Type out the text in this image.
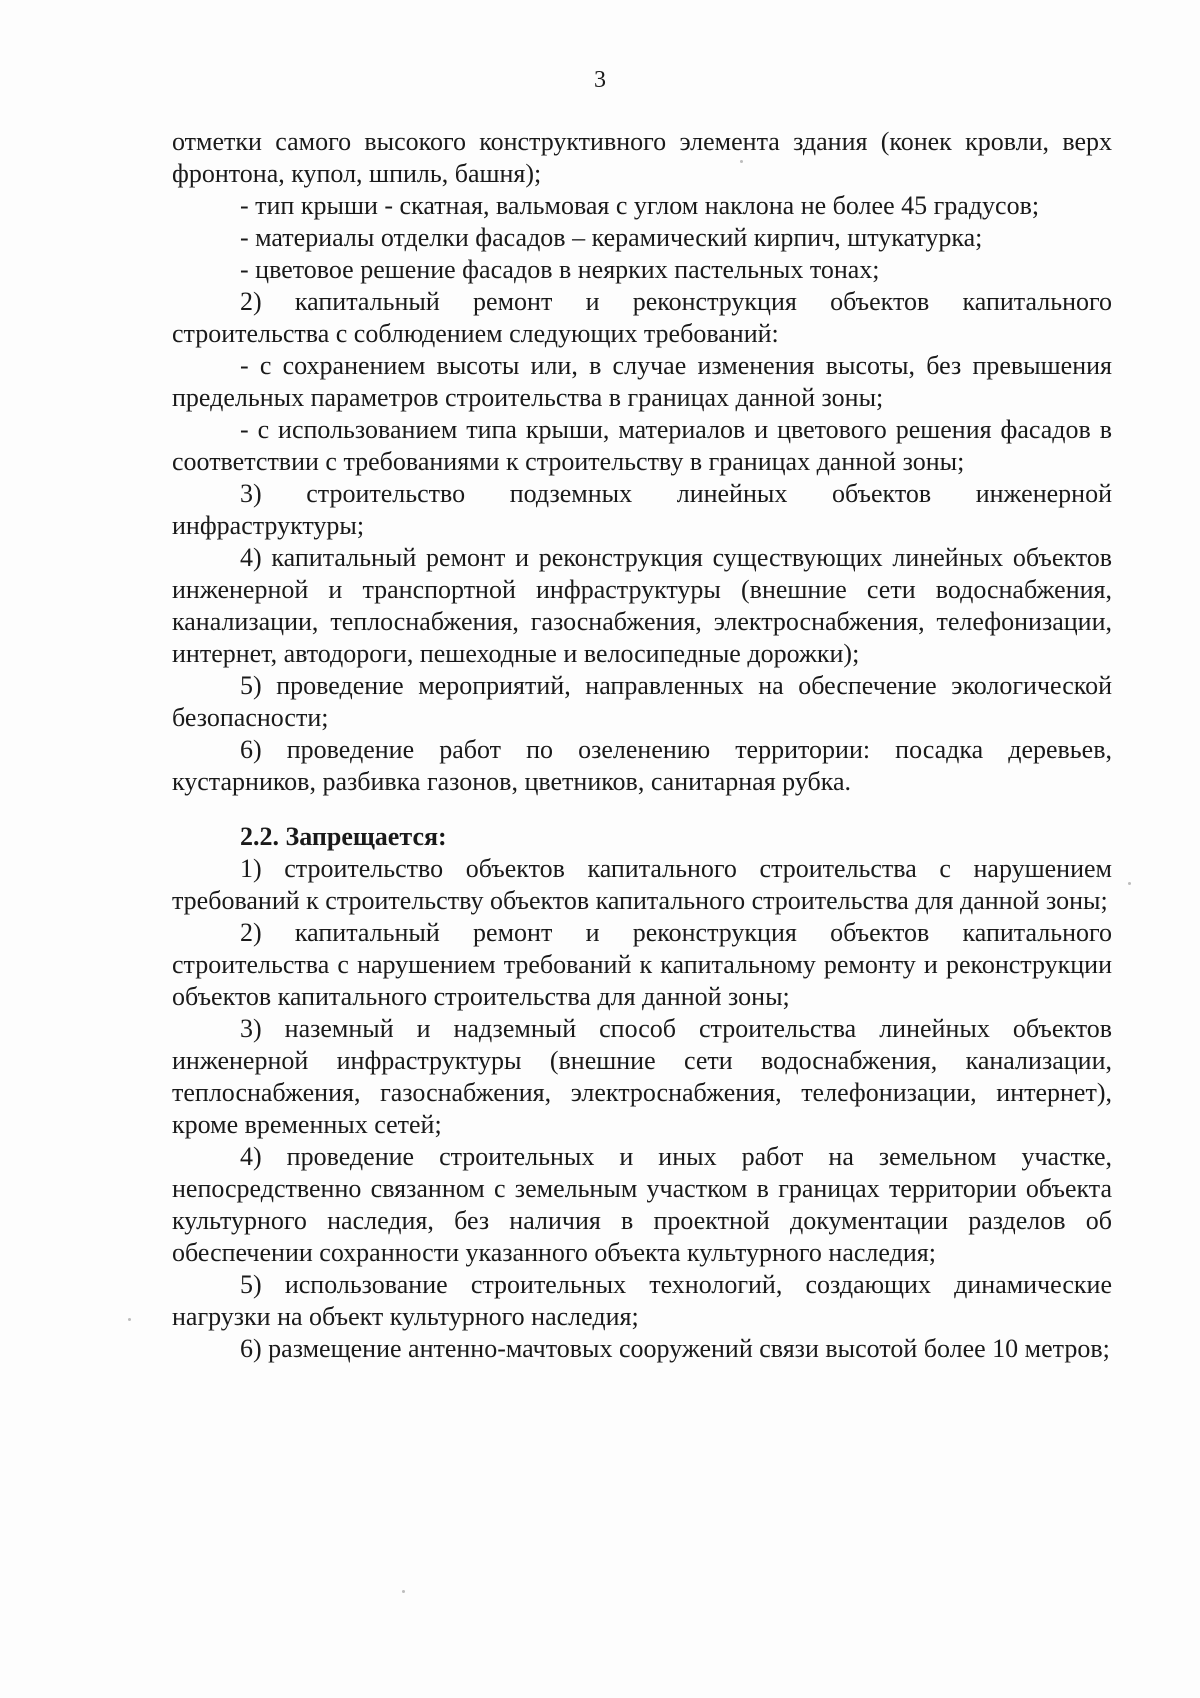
3

отметки самого высокого конструктивного элемента здания (конек кровли, верх фронтона, купол, шпиль, башня);

- тип крыши - скатная, вальмовая с углом наклона не более 45 градусов;

- материалы отделки фасадов – керамический кирпич, штукатурка;

- цветовое решение фасадов в неярких пастельных тонах;

2) капитальный ремонт и реконструкция объектов капитального строительства с соблюдением следующих требований:

- с сохранением высоты или, в случае изменения высоты, без превышения предельных параметров строительства в границах данной зоны;

- с использованием типа крыши, материалов и цветового решения фасадов в соответствии с требованиями к строительству в границах данной зоны;

3) строительство подземных линейных объектов инженерной инфраструктуры;

4) капитальный ремонт и реконструкция существующих линейных объектов инженерной и транспортной инфраструктуры (внешние сети водоснабжения, канализации, теплоснабжения, газоснабжения, электроснабжения, телефонизации, интернет, автодороги, пешеходные и велосипедные дорожки);

5) проведение мероприятий, направленных на обеспечение экологической безопасности;

6) проведение работ по озеленению территории: посадка деревьев, кустарников, разбивка газонов, цветников, санитарная рубка.

2.2. Запрещается:

1) строительство объектов капитального строительства с нарушением требований к строительству объектов капитального строительства для данной зоны;

2) капитальный ремонт и реконструкция объектов капитального строительства с нарушением требований к капитальному ремонту и реконструкции объектов капитального строительства для данной зоны;

3) наземный и надземный способ строительства линейных объектов инженерной инфраструктуры (внешние сети водоснабжения, канализации, теплоснабжения, газоснабжения, электроснабжения, телефонизации, интернет), кроме временных сетей;

4) проведение строительных и иных работ на земельном участке, непосредственно связанном с земельным участком в границах территории объекта культурного наследия, без наличия в проектной документации разделов об обеспечении сохранности указанного объекта культурного наследия;

5) использование строительных технологий, создающих динамические нагрузки на объект культурного наследия;

6) размещение антенно-мачтовых сооружений связи высотой более 10 метров;
